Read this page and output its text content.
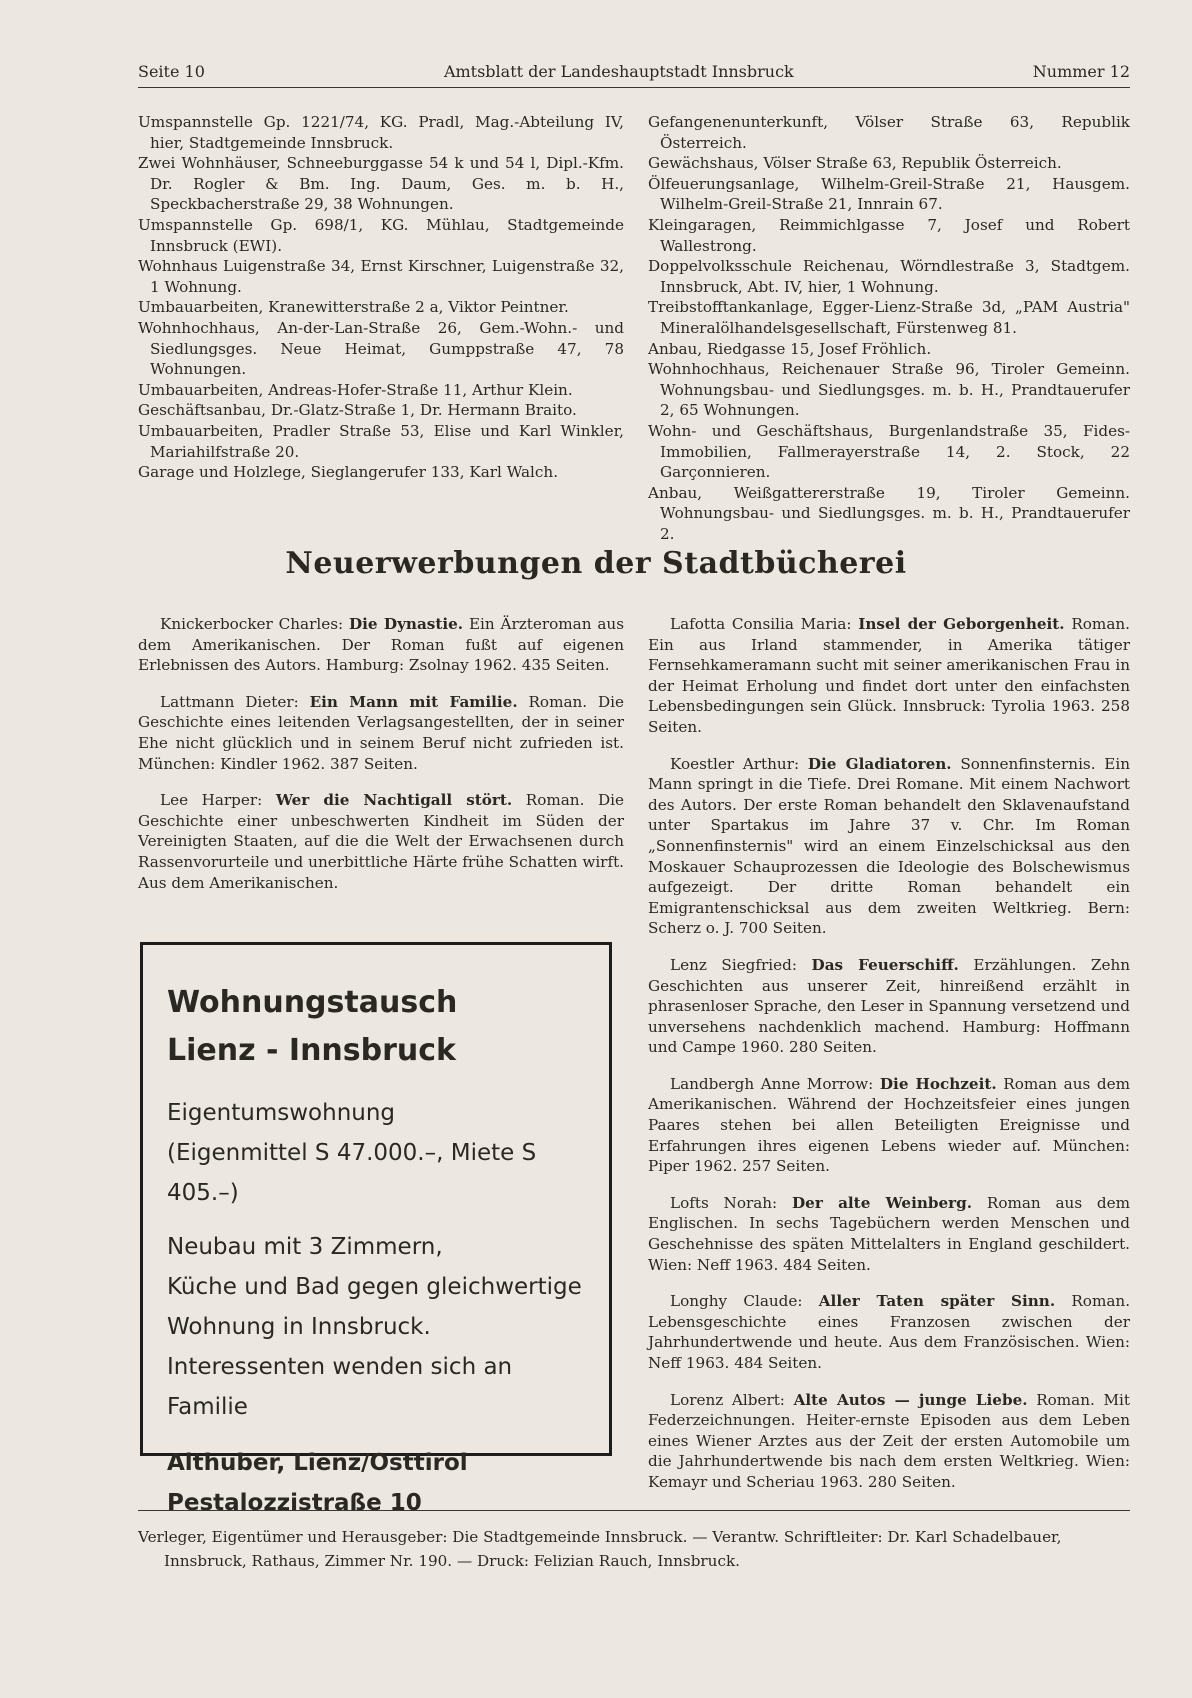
Seite 10	Amtsblatt der Landeshauptstadt Innsbruck	Nummer 12

Umspannstelle Gp. 1221/74, KG. Pradl, Mag.-Abteilung IV, hier, Stadtgemeinde Innsbruck.

Zwei Wohnhäuser, Schneeburggasse 54 k und 54 l, Dipl.-Kfm. Dr. Rogler & Bm. Ing. Daum, Ges. m. b. H., Speckbacherstraße 29, 38 Wohnungen.

Umspannstelle Gp. 698/1, KG. Mühlau, Stadtgemeinde Innsbruck (EWI).

Wohnhaus Luigenstraße 34, Ernst Kirschner, Luigenstraße 32, 1 Wohnung.

Umbauarbeiten, Kranewitterstraße 2 a, Viktor Peintner.

Wohnhochhaus, An-der-Lan-Straße 26, Gem.-Wohn.- und Siedlungsges. Neue Heimat, Gumppstraße 47, 78 Wohnungen.

Umbauarbeiten, Andreas-Hofer-Straße 11, Arthur Klein.

Geschäftsanbau, Dr.-Glatz-Straße 1, Dr. Hermann Braito.

Umbauarbeiten, Pradler Straße 53, Elise und Karl Winkler, Mariahilfstraße 20.

Garage und Holzlege, Sieglangerufer 133, Karl Walch.

Gefangenenunterkunft, Völser Straße 63, Republik Österreich.

Gewächshaus, Völser Straße 63, Republik Österreich.

Ölfeuerungsanlage, Wilhelm-Greil-Straße 21, Hausgem. Wilhelm-Greil-Straße 21, Innrain 67.

Kleingaragen, Reimmichlgasse 7, Josef und Robert Wallestrong.

Doppelvolksschule Reichenau, Wörndlestraße 3, Stadtgem. Innsbruck, Abt. IV, hier, 1 Wohnung.

Treibstofftankanlage, Egger-Lienz-Straße 3d, „PAM Austria" Mineralölhandelsgesellschaft, Fürstenweg 81.

Anbau, Riedgasse 15, Josef Fröhlich.

Wohnhochhaus, Reichenauer Straße 96, Tiroler Gemeinn. Wohnungsbau- und Siedlungsges. m. b. H., Prandtauerufer 2, 65 Wohnungen.

Wohn- und Geschäftshaus, Burgenlandstraße 35, Fides-Immobilien, Fallmerayerstraße 14, 2. Stock, 22 Garçonnieren.

Anbau, Weißgattererstraße 19, Tiroler Gemeinn. Wohnungsbau- und Siedlungsges. m. b. H., Prandtauerufer 2.

Neuerwerbungen der Stadtbücherei

Knickerbocker Charles: Die Dynastie. Ein Ärzteroman aus dem Amerikanischen. Der Roman fußt auf eigenen Erlebnissen des Autors. Hamburg: Zsolnay 1962. 435 Seiten.

Lattmann Dieter: Ein Mann mit Familie. Roman. Die Geschichte eines leitenden Verlagsangestellten, der in seiner Ehe nicht glücklich und in seinem Beruf nicht zufrieden ist. München: Kindler 1962. 387 Seiten.

Lee Harper: Wer die Nachtigall stört. Roman. Die Geschichte einer unbeschwerten Kindheit im Süden der Vereinigten Staaten, auf die die Welt der Erwachsenen durch Rassenvorurteile und unerbittliche Härte frühe Schatten wirft. Aus dem Amerikanischen.

Wohnungstausch
Lienz - Innsbruck
Eigentumswohnung
(Eigenmittel S 47.000.–, Miete S 405.–)
Neubau mit 3 Zimmern,
Küche und Bad gegen gleichwertige
Wohnung in Innsbruck.
Interessenten wenden sich an Familie
Althuber, Lienz/Osttirol
Pestalozzistraße 10

Lafotta Consilia Maria: Insel der Geborgenheit. Roman. Ein aus Irland stammender, in Amerika tätiger Fernsehkameramann sucht mit seiner amerikanischen Frau in der Heimat Erholung und findet dort unter den einfachsten Lebensbedingungen sein Glück. Innsbruck: Tyrolia 1963. 258 Seiten.

Koestler Arthur: Die Gladiatoren. Sonnenfinsternis. Ein Mann springt in die Tiefe. Drei Romane. Mit einem Nachwort des Autors. Der erste Roman behandelt den Sklavenaufstand unter Spartakus im Jahre 37 v. Chr. Im Roman „Sonnenfinsternis" wird an einem Einzelschicksal aus den Moskauer Schauprozessen die Ideologie des Bolschewismus aufgezeigt. Der dritte Roman behandelt ein Emigrantenschicksal aus dem zweiten Weltkrieg. Bern: Scherz o. J. 700 Seiten.

Lenz Siegfried: Das Feuerschiff. Erzählungen. Zehn Geschichten aus unserer Zeit, hinreißend erzählt in phrasenloser Sprache, den Leser in Spannung versetzend und unversehens nachdenklich machend. Hamburg: Hoffmann und Campe 1960. 280 Seiten.

Landbergh Anne Morrow: Die Hochzeit. Roman aus dem Amerikanischen. Während der Hochzeitsfeier eines jungen Paares stehen bei allen Beteiligten Ereignisse und Erfahrungen ihres eigenen Lebens wieder auf. München: Piper 1962. 257 Seiten.

Lofts Norah: Der alte Weinberg. Roman aus dem Englischen. In sechs Tagebüchern werden Menschen und Geschehnisse des späten Mittelalters in England geschildert. Wien: Neff 1963. 484 Seiten.

Longhy Claude: Aller Taten später Sinn. Roman. Lebensgeschichte eines Franzosen zwischen der Jahrhundertwende und heute. Aus dem Französischen. Wien: Neff 1963. 484 Seiten.

Lorenz Albert: Alte Autos — junge Liebe. Roman. Mit Federzeichnungen. Heiter-ernste Episoden aus dem Leben eines Wiener Arztes aus der Zeit der ersten Automobile um die Jahrhundertwende bis nach dem ersten Weltkrieg. Wien: Kemayr und Scheriau 1963. 280 Seiten.

Verleger, Eigentümer und Herausgeber: Die Stadtgemeinde Innsbruck. — Verantw. Schriftleiter: Dr. Karl Schadelbauer,

Innsbruck, Rathaus, Zimmer Nr. 190. — Druck: Felizian Rauch, Innsbruck.
